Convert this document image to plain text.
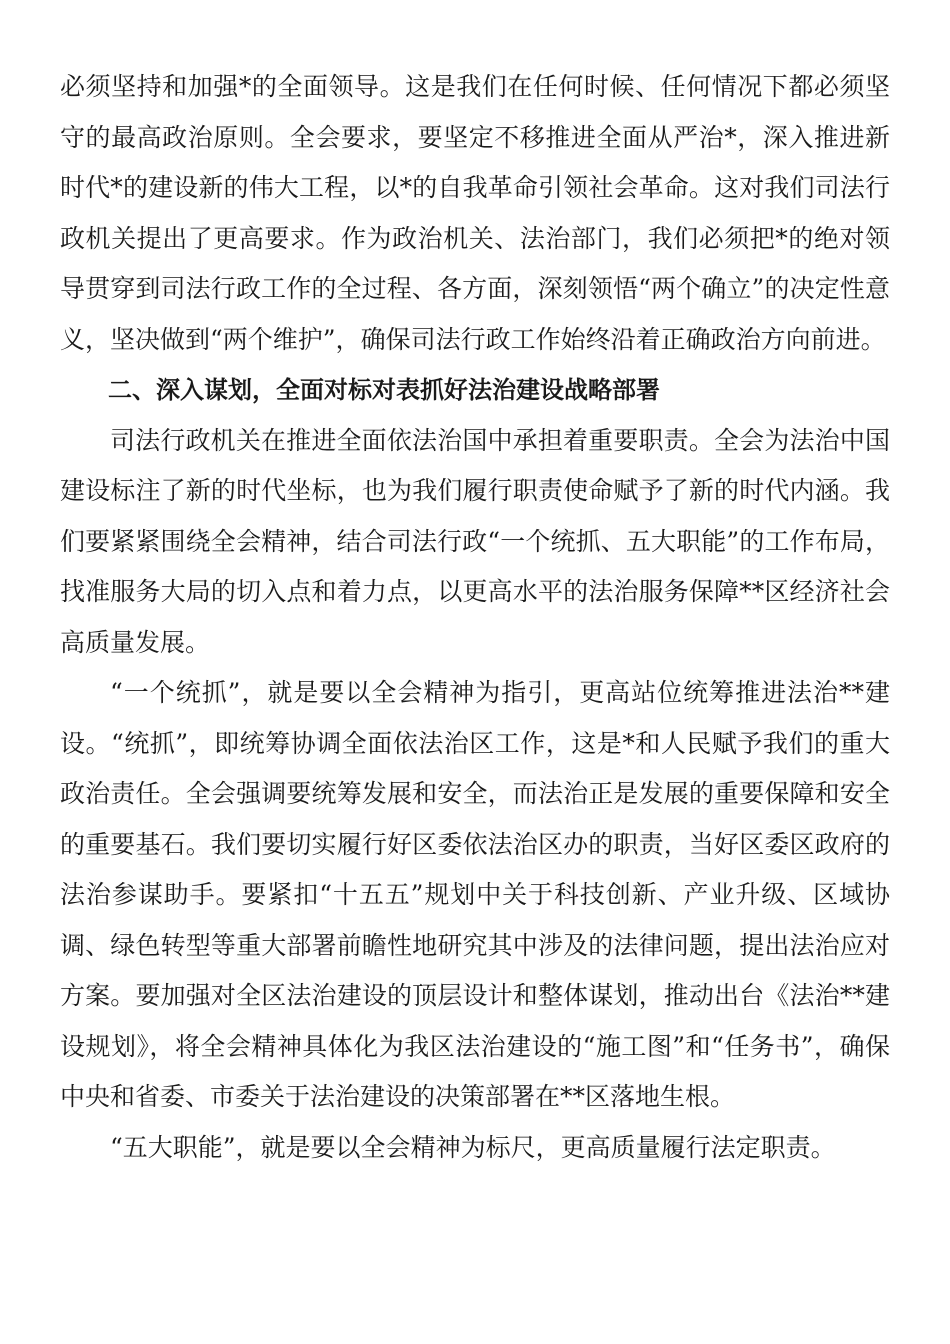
必须坚持和加强*的全面领导。这是我们在任何时候、任何情况下都必须坚守的最高政治原则。全会要求，要坚定不移推进全面从严治*，深入推进新时代*的建设新的伟大工程，以*的自我革命引领社会革命。这对我们司法行政机关提出了更高要求。作为政治机关、法治部门，我们必须把*的绝对领导贯穿到司法行政工作的全过程、各方面，深刻领悟“两个确立”的决定性意义，坚决做到“两个维护”，确保司法行政工作始终沿着正确政治方向前进。

二、深入谋划，全面对标对表抓好法治建设战略部署

司法行政机关在推进全面依法治国中承担着重要职责。全会为法治中国建设标注了新的时代坐标，也为我们履行职责使命赋予了新的时代内涵。我们要紧紧围绕全会精神，结合司法行政“一个统抓、五大职能”的工作布局，找准服务大局的切入点和着力点，以更高水平的法治服务保障**区经济社会高质量发展。

“一个统抓”，就是要以全会精神为指引，更高站位统筹推进法治**建设。“统抓”，即统筹协调全面依法治区工作，这是*和人民赋予我们的重大政治责任。全会强调要统筹发展和安全，而法治正是发展的重要保障和安全的重要基石。我们要切实履行好区委依法治区办的职责，当好区委区政府的法治参谋助手。要紧扣“十五五”规划中关于科技创新、产业升级、区域协调、绿色转型等重大部署前瞻性地研究其中涉及的法律问题，提出法治应对方案。要加强对全区法治建设的顶层设计和整体谋划，推动出台《法治**建设规划》，将全会精神具体化为我区法治建设的“施工图”和“任务书”，确保中央和省委、市委关于法治建设的决策部署在**区落地生根。

“五大职能”，就是要以全会精神为标尺，更高质量履行法定职责。
